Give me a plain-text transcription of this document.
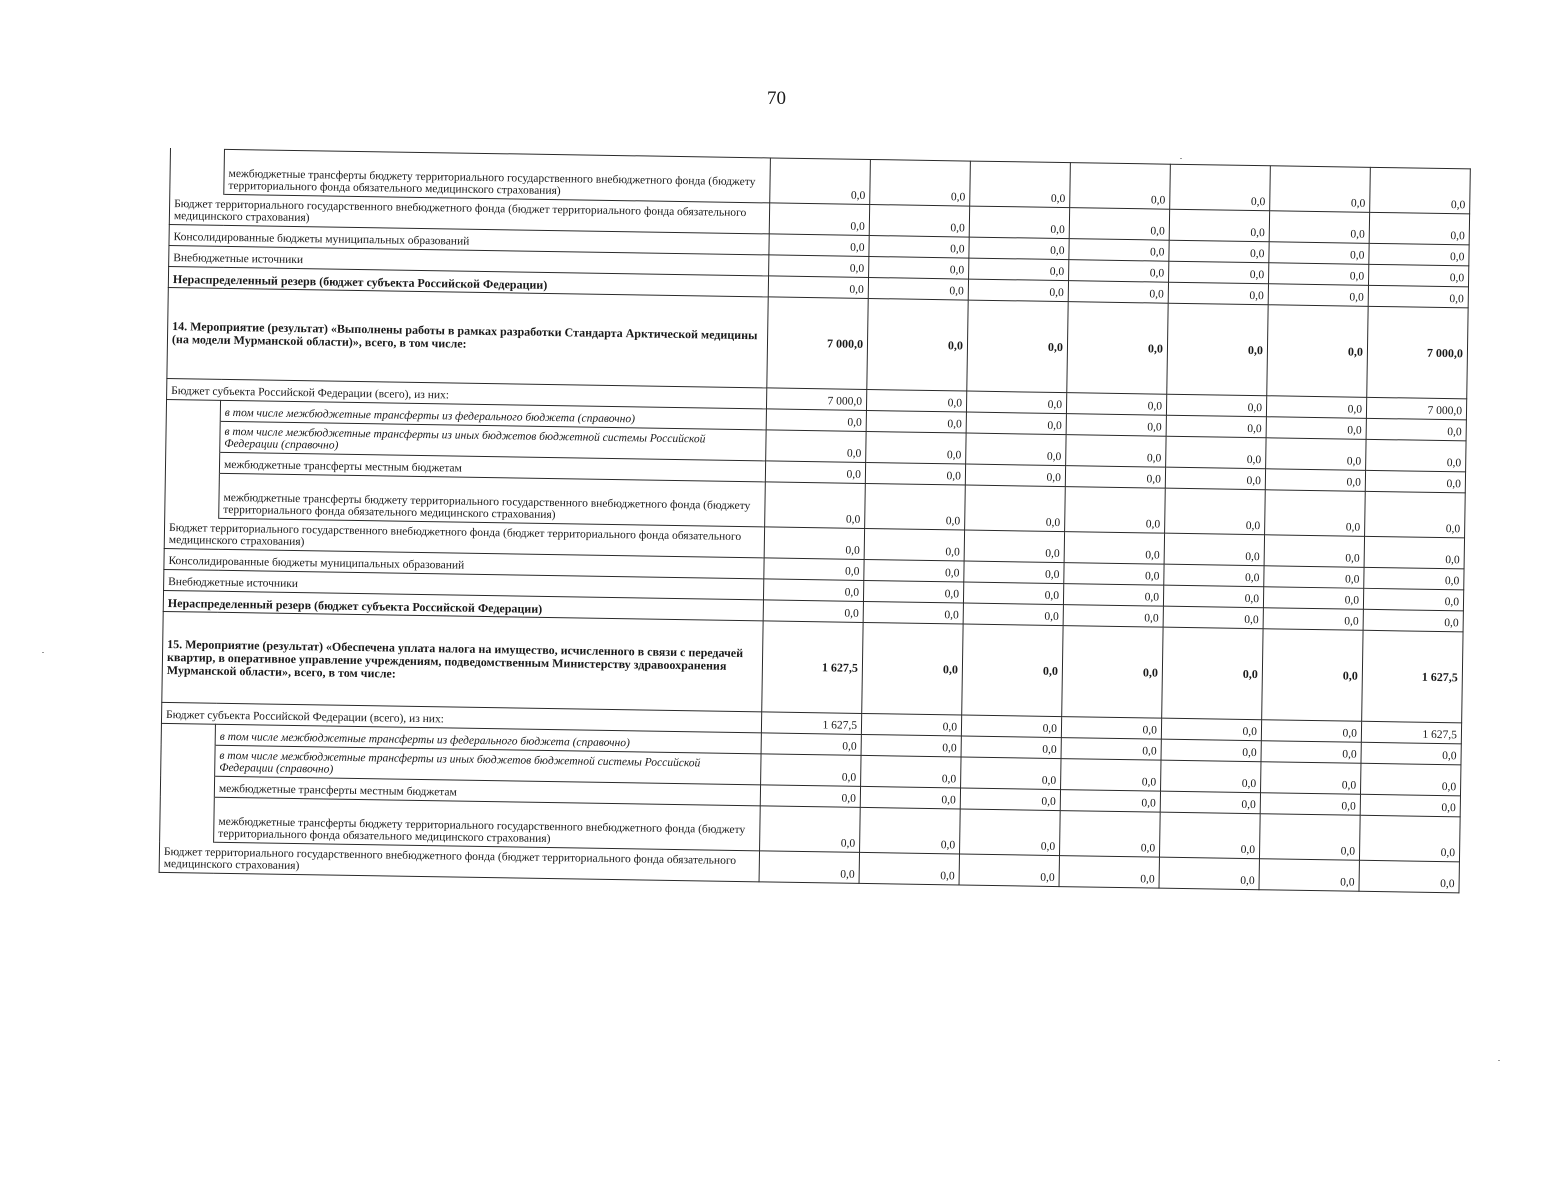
70
	межбюджетные трансферты бюджету территориального государственного внебюджетного фонда (бюджету территориального фонда обязательного медицинского страхования)	0,0	0,0	0,0	0,0	0,0	0,0	0,0
Бюджет территориального государственного внебюджетного фонда (бюджет территориального фонда обязательного медицинского страхования)		0,0	0,0	0,0	0,0	0,0	0,0	0,0
Консолидированные бюджеты муниципальных образований		0,0	0,0	0,0	0,0	0,0	0,0	0,0
Внебюджетные источники		0,0	0,0	0,0	0,0	0,0	0,0	0,0
Нераспределенный резерв (бюджет субъекта Российской Федерации)		0,0	0,0	0,0	0,0	0,0	0,0	0,0
14. Мероприятие (результат) «Выполнены работы в рамках разработки Стандарта Арктической медицины (на модели Мурманской области)», всего, в том числе:		7 000,0	0,0	0,0	0,0	0,0	0,0	7 000,0
Бюджет субъекта Российской Федерации (всего), из них:		7 000,0	0,0	0,0	0,0	0,0	0,0	7 000,0
	в том числе межбюджетные трансферты из федерального бюджета (справочно)	0,0	0,0	0,0	0,0	0,0	0,0	0,0
	в том числе межбюджетные трансферты из иных бюджетов бюджетной системы Российской Федерации (справочно)	0,0	0,0	0,0	0,0	0,0	0,0	0,0
	межбюджетные трансферты местным бюджетам	0,0	0,0	0,0	0,0	0,0	0,0	0,0
	межбюджетные трансферты бюджету территориального государственного внебюджетного фонда (бюджету территориального фонда обязательного медицинского страхования)	0,0	0,0	0,0	0,0	0,0	0,0	0,0
Бюджет территориального государственного внебюджетного фонда (бюджет территориального фонда обязательного медицинского страхования)		0,0	0,0	0,0	0,0	0,0	0,0	0,0
Консолидированные бюджеты муниципальных образований		0,0	0,0	0,0	0,0	0,0	0,0	0,0
Внебюджетные источники		0,0	0,0	0,0	0,0	0,0	0,0	0,0
Нераспределенный резерв (бюджет субъекта Российской Федерации)		0,0	0,0	0,0	0,0	0,0	0,0	0,0
15. Мероприятие (результат) «Обеспечена уплата налога на имущество, исчисленного в связи с передачей квартир, в оперативное управление учреждениям, подведомственным Министерству здравоохранения Мурманской области», всего, в том числе:		1 627,5	0,0	0,0	0,0	0,0	0,0	1 627,5
Бюджет субъекта Российской Федерации (всего), из них:		1 627,5	0,0	0,0	0,0	0,0	0,0	1 627,5
	в том числе межбюджетные трансферты из федерального бюджета (справочно)	0,0	0,0	0,0	0,0	0,0	0,0	0,0
	в том числе межбюджетные трансферты из иных бюджетов бюджетной системы Российской Федерации (справочно)	0,0	0,0	0,0	0,0	0,0	0,0	0,0
	межбюджетные трансферты местным бюджетам	0,0	0,0	0,0	0,0	0,0	0,0	0,0
	межбюджетные трансферты бюджету территориального государственного внебюджетного фонда (бюджету территориального фонда обязательного медицинского страхования)	0,0	0,0	0,0	0,0	0,0	0,0	0,0
Бюджет территориального государственного внебюджетного фонда (бюджет территориального фонда обязательного медицинского страхования)		0,0	0,0	0,0	0,0	0,0	0,0	0,0
